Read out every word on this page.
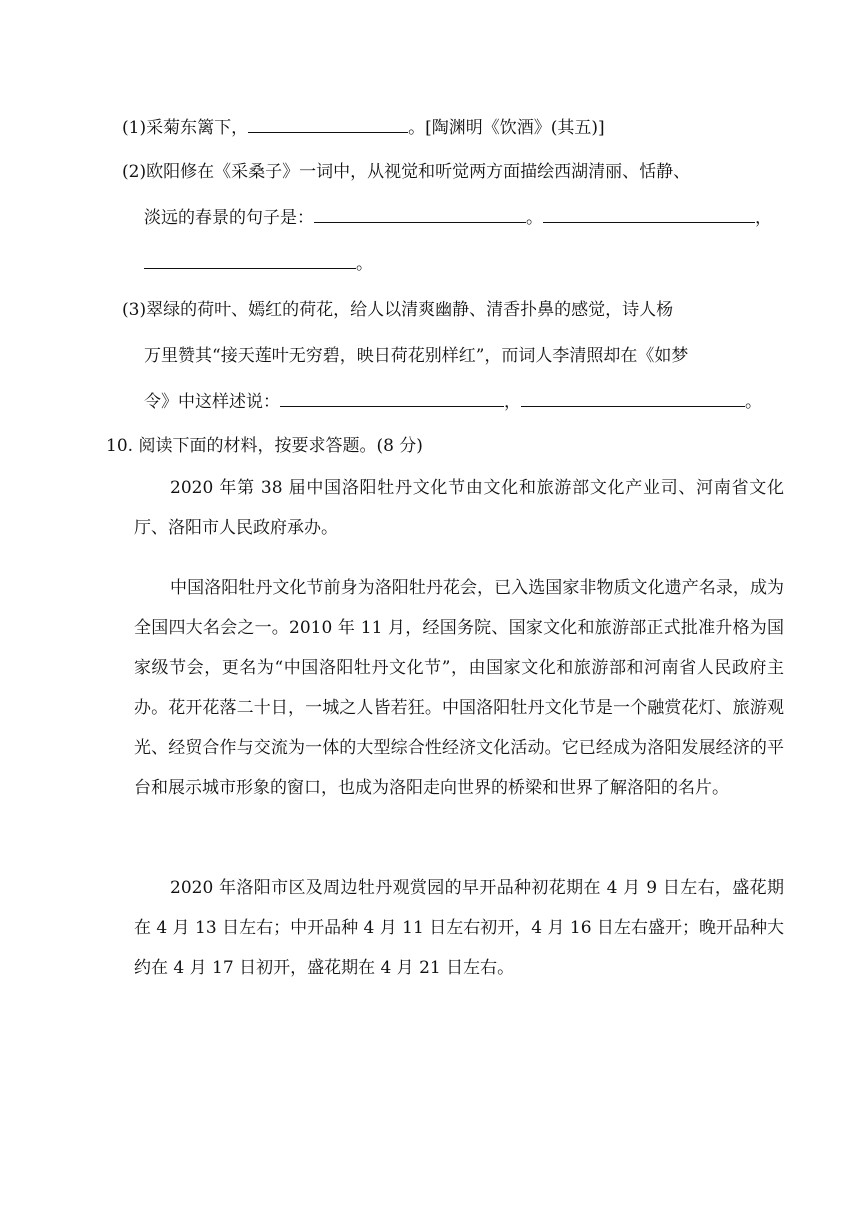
(1)采菊东篱下，	。[陶渊明《饮酒》(其五)]
(2)欧阳修在《采桑子》一词中，从视觉和听觉两方面描绘西湖清丽、恬静、
淡远的春景的句子是：	。	，
。
(3)翠绿的荷叶、嫣红的荷花，给人以清爽幽静、清香扑鼻的感觉，诗人杨
万里赞其“接天莲叶无穷碧，映日荷花别样红”，而词人李清照却在《如梦
令》中这样述说：	，	。
10. 阅读下面的材料，按要求答题。(8 分)
2020 年第 38 届中国洛阳牡丹文化节由文化和旅游部文化产业司、河南省文化厅、洛阳市人民政府承办。
中国洛阳牡丹文化节前身为洛阳牡丹花会，已入选国家非物质文化遗产名录，成为全国四大名会之一。2010 年 11 月，经国务院、国家文化和旅游部正式批准升格为国家级节会，更名为“中国洛阳牡丹文化节”，由国家文化和旅游部和河南省人民政府主办。花开花落二十日，一城之人皆若狂。中国洛阳牡丹文化节是一个融赏花灯、旅游观光、经贸合作与交流为一体的大型综合性经济文化活动。它已经成为洛阳发展经济的平台和展示城市形象的窗口，也成为洛阳走向世界的桥梁和世界了解洛阳的名片。
2020 年洛阳市区及周边牡丹观赏园的早开品种初花期在 4 月 9 日左右，盛花期在 4 月 13 日左右；中开品种 4 月 11 日左右初开，4 月 16 日左右盛开；晚开品种大约在 4 月 17 日初开，盛花期在 4 月 21 日左右。
